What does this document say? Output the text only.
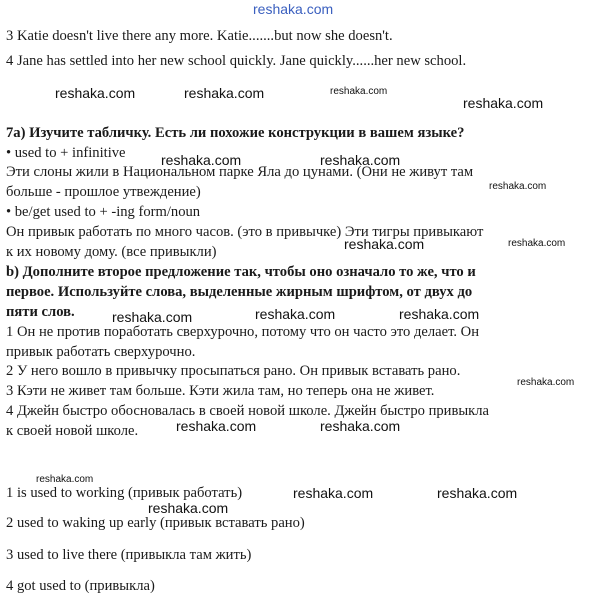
reshaka.com
reshaka.com	reshaka.com	reshaka.com
reshaka.com
reshaka.com	reshaka.com
reshaka.com
reshaka.com	reshaka.com
reshaka.com	reshaka.com	reshaka.com
reshaka.com
reshaka.com	reshaka.com
reshaka.com
reshaka.com	reshaka.com
reshaka.com
3 Katie doesn't live there any more. Katie.......but now she doesn't.
4 Jane has settled into her new school quickly. Jane quickly......her new school.
7a) Изучите табличку. Есть ли похожие конструкции в вашем языке?
• used to + infinitive
Эти слоны жили в Национальном парке Яла до цунами. (Они не живут там
больше - прошлое утвеждение)
• be/get used to + -ing form/noun
Он привык работать по много часов. (это в привычке) Эти тигры привыкают
к их новому дому. (все привыкли)
b) Дополните второе предложение так, чтобы оно означало то же, что и
первое. Используйте слова, выделенные жирным шрифтом, от двух до
пяти слов.
1 Он не против поработать сверхурочно, потому что он часто это делает. Он
привык работать сверхурочно.
2 У него вошло в привычку просыпаться рано. Он привык вставать рано.
3 Кэти не живет там больше. Кэти жила там, но теперь она не живет.
4 Джейн быстро обосновалась в своей новой школе. Джейн быстро привыкла
к своей новой школе.
1 is used to working (привык работать)
2 used to waking up early (привык вставать рано)
3 used to live there (привыкла там жить)
4 got used to (привыкла)
